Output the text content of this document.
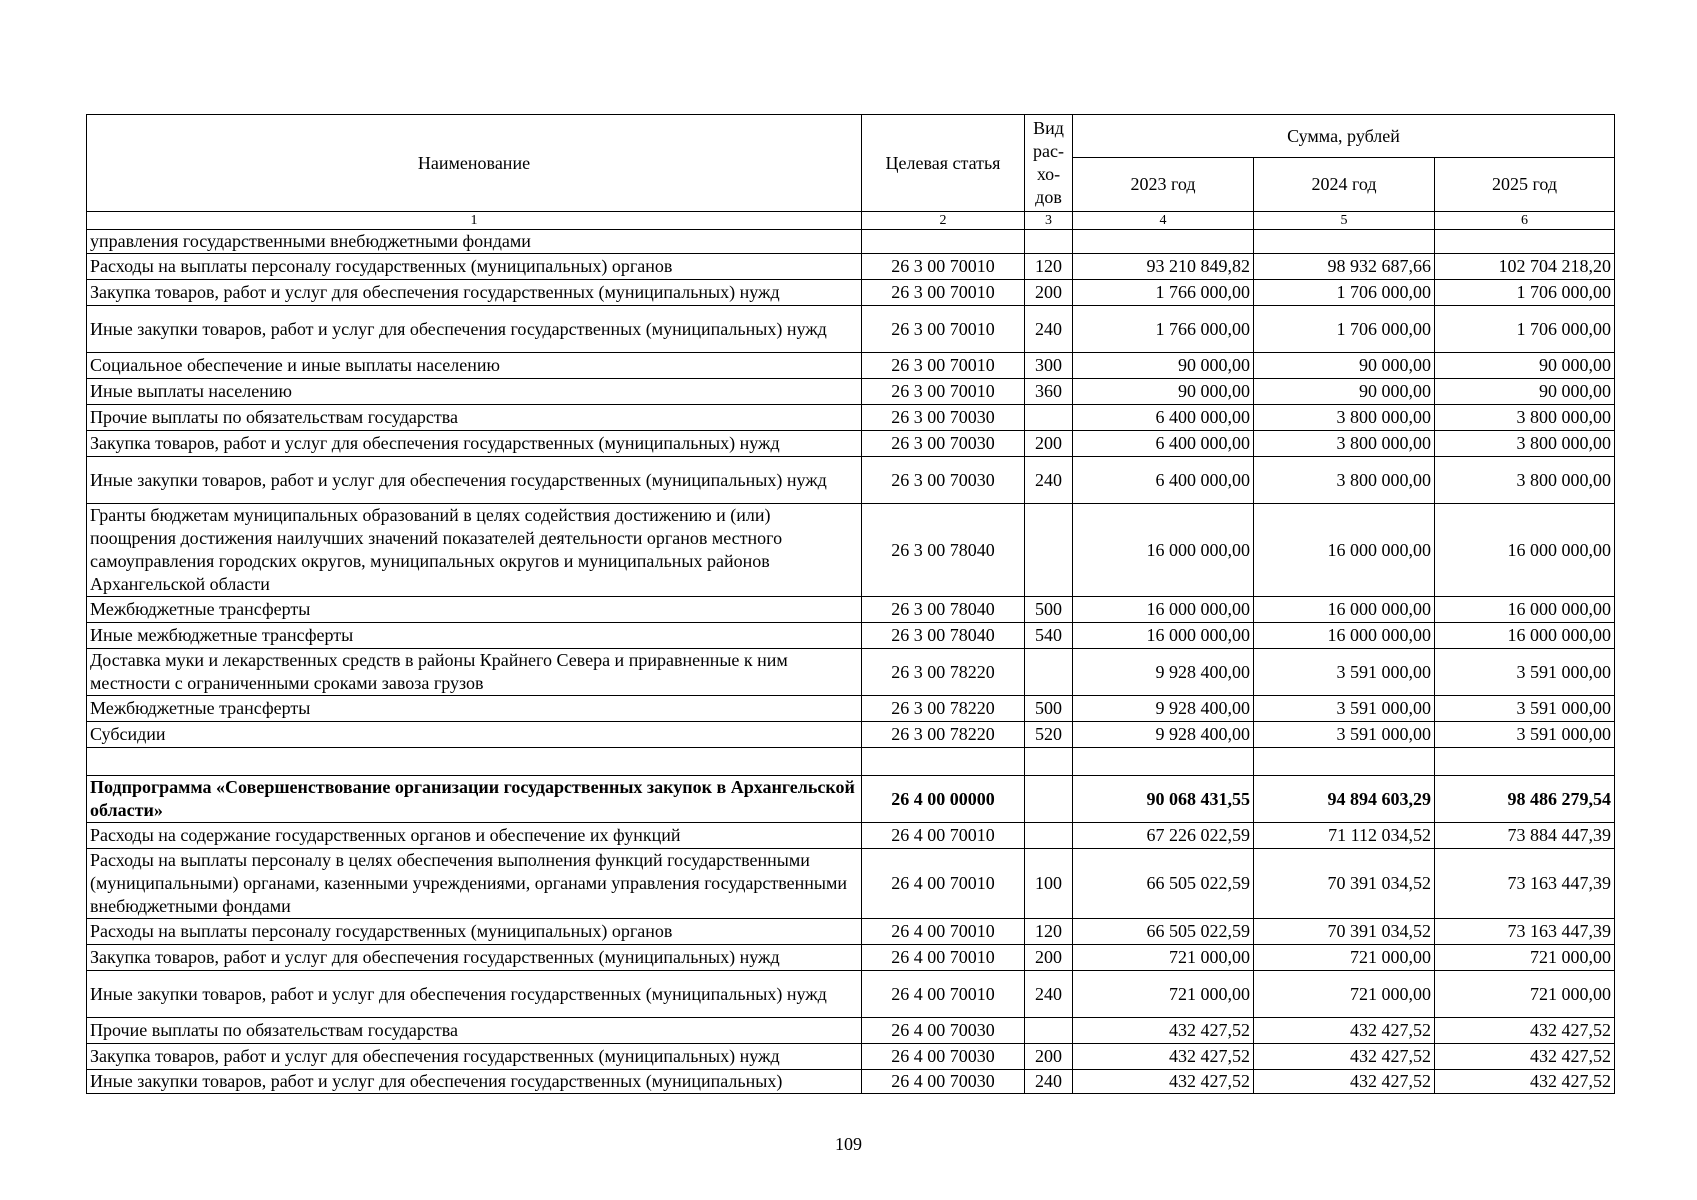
Наименование	Целевая статья	Вид рас-хо-дов	Сумма, рублей		
			2023 год	2024 год	2025 год
1	2	3	4	5	6
управления государственными внебюджетными фондами					
Расходы на выплаты персоналу государственных (муниципальных) органов	26 3 00 70010	120	93 210 849,82	98 932 687,66	102 704 218,20
Закупка товаров, работ и услуг для обеспечения государственных (муниципальных) нужд	26 3 00 70010	200	1 766 000,00	1 706 000,00	1 706 000,00
Иные закупки товаров, работ и услуг для обеспечения государственных (муниципальных) нужд	26 3 00 70010	240	1 766 000,00	1 706 000,00	1 706 000,00
Социальное обеспечение и иные выплаты населению	26 3 00 70010	300	90 000,00	90 000,00	90 000,00
Иные выплаты населению	26 3 00 70010	360	90 000,00	90 000,00	90 000,00
Прочие выплаты по обязательствам государства	26 3 00 70030		6 400 000,00	3 800 000,00	3 800 000,00
Закупка товаров, работ и услуг для обеспечения государственных (муниципальных) нужд	26 3 00 70030	200	6 400 000,00	3 800 000,00	3 800 000,00
Иные закупки товаров, работ и услуг для обеспечения государственных (муниципальных) нужд	26 3 00 70030	240	6 400 000,00	3 800 000,00	3 800 000,00
Гранты бюджетам муниципальных образований в целях содействия достижению и (или) поощрения достижения наилучших значений показателей деятельности органов местного самоуправления городских округов, муниципальных округов и муниципальных районов Архангельской области	26 3 00 78040		16 000 000,00	16 000 000,00	16 000 000,00
Межбюджетные трансферты	26 3 00 78040	500	16 000 000,00	16 000 000,00	16 000 000,00
Иные межбюджетные трансферты	26 3 00 78040	540	16 000 000,00	16 000 000,00	16 000 000,00
Доставка муки и лекарственных средств в районы Крайнего Севера и приравненные к ним местности с ограниченными сроками завоза грузов	26 3 00 78220		9 928 400,00	3 591 000,00	3 591 000,00
Межбюджетные трансферты	26 3 00 78220	500	9 928 400,00	3 591 000,00	3 591 000,00
Субсидии	26 3 00 78220	520	9 928 400,00	3 591 000,00	3 591 000,00

Подпрограмма «Совершенствование организации государственных закупок в Архангельской области»	26 4 00 00000		90 068 431,55	94 894 603,29	98 486 279,54
Расходы на содержание государственных органов и обеспечение их функций	26 4 00 70010		67 226 022,59	71 112 034,52	73 884 447,39
Расходы на выплаты персоналу в целях обеспечения выполнения функций государственными (муниципальными) органами, казенными учреждениями, органами управления государственными внебюджетными фондами	26 4 00 70010	100	66 505 022,59	70 391 034,52	73 163 447,39
Расходы на выплаты персоналу государственных (муниципальных) органов	26 4 00 70010	120	66 505 022,59	70 391 034,52	73 163 447,39
Закупка товаров, работ и услуг для обеспечения государственных (муниципальных) нужд	26 4 00 70010	200	721 000,00	721 000,00	721 000,00
Иные закупки товаров, работ и услуг для обеспечения государственных (муниципальных) нужд	26 4 00 70010	240	721 000,00	721 000,00	721 000,00
Прочие выплаты по обязательствам государства	26 4 00 70030		432 427,52	432 427,52	432 427,52
Закупка товаров, работ и услуг для обеспечения государственных (муниципальных) нужд	26 4 00 70030	200	432 427,52	432 427,52	432 427,52
Иные закупки товаров, работ и услуг для обеспечения государственных (муниципальных)	26 4 00 70030	240	432 427,52	432 427,52	432 427,52
109
